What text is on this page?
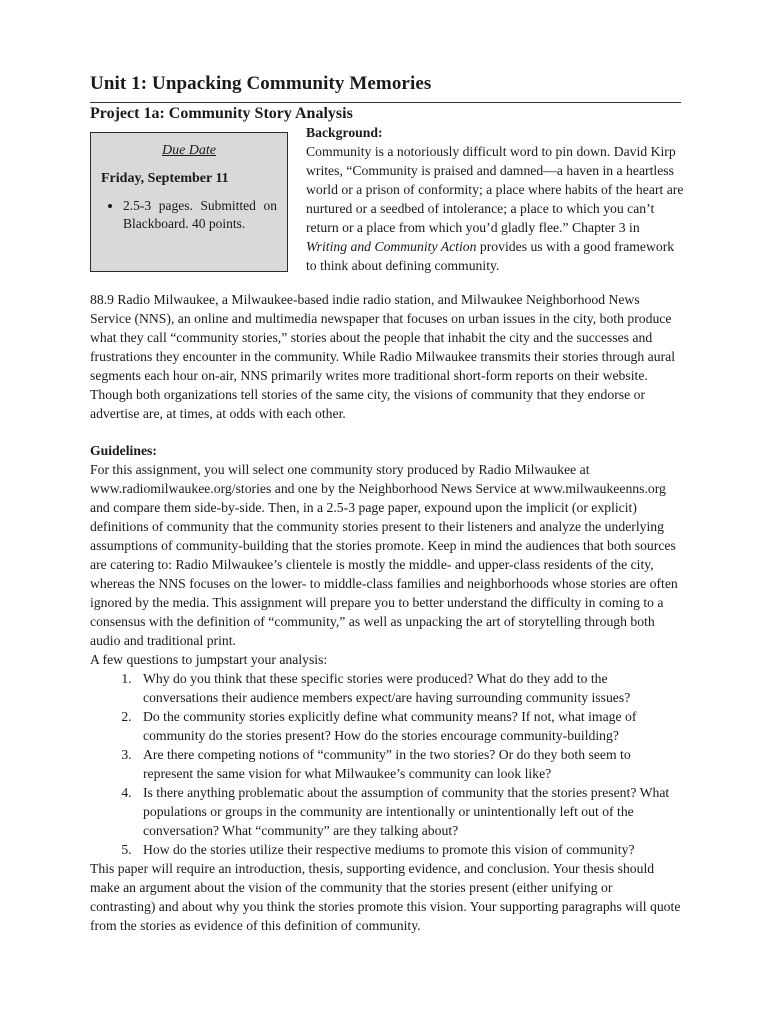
Unit 1: Unpacking Community Memories
Project 1a: Community Story Analysis
Due Date
Friday, September 11
• 2.5-3 pages. Submitted on Blackboard. 40 points.
Background:
Community is a notoriously difficult word to pin down. David Kirp writes, “Community is praised and damned—a haven in a heartless world or a prison of conformity; a place where habits of the heart are nurtured or a seedbed of intolerance; a place to which you can’t return or a place from which you’d gladly flee.” Chapter 3 in Writing and Community Action provides us with a good framework to think about defining community.

88.9 Radio Milwaukee, a Milwaukee-based indie radio station, and Milwaukee Neighborhood News Service (NNS), an online and multimedia newspaper that focuses on urban issues in the city, both produce what they call “community stories,” stories about the people that inhabit the city and the successes and frustrations they encounter in the community. While Radio Milwaukee transmits their stories through aural segments each hour on-air, NNS primarily writes more traditional short-form reports on their website. Though both organizations tell stories of the same city, the visions of community that they endorse or advertise are, at times, at odds with each other.

Guidelines:

For this assignment, you will select one community story produced by Radio Milwaukee at www.radiomilwaukee.org/stories and one by the Neighborhood News Service at www.milwaukeenns.org and compare them side-by-side. Then, in a 2.5-3 page paper, expound upon the implicit (or explicit) definitions of community that the community stories present to their listeners and analyze the underlying assumptions of community-building that the stories promote. Keep in mind the audiences that both sources are catering to: Radio Milwaukee’s clientele is mostly the middle- and upper-class residents of the city, whereas the NNS focuses on the lower- to middle-class families and neighborhoods whose stories are often ignored by the media. This assignment will prepare you to better understand the difficulty in coming to a consensus with the definition of “community,” as well as unpacking the art of storytelling through both audio and traditional print.

A few questions to jumpstart your analysis:
1. Why do you think that these specific stories were produced? What do they add to the conversations their audience members expect/are having surrounding community issues?
2. Do the community stories explicitly define what community means? If not, what image of community do the stories present? How do the stories encourage community-building?
3. Are there competing notions of “community” in the two stories? Or do they both seem to represent the same vision for what Milwaukee’s community can look like?
4. Is there anything problematic about the assumption of community that the stories present? What populations or groups in the community are intentionally or unintentionally left out of the conversation? What “community” are they talking about?
5. How do the stories utilize their respective mediums to promote this vision of community?

This paper will require an introduction, thesis, supporting evidence, and conclusion. Your thesis should make an argument about the vision of the community that the stories present (either unifying or contrasting) and about why you think the stories promote this vision. Your supporting paragraphs will quote from the stories as evidence of this definition of community.
